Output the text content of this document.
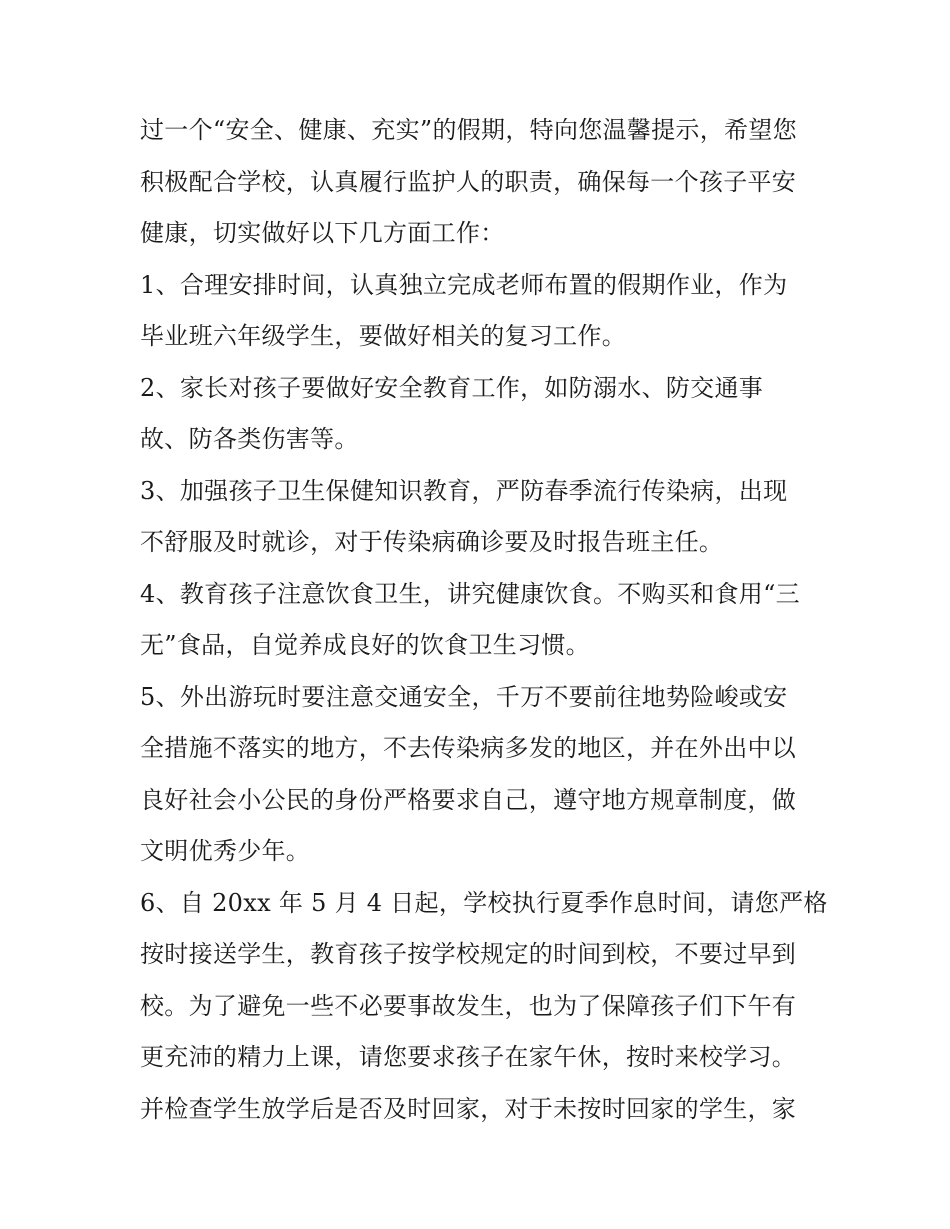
过一个“安全、健康、充实”的假期，特向您温馨提示，希望您
积极配合学校，认真履行监护人的职责，确保每一个孩子平安
健康，切实做好以下几方面工作：
1、合理安排时间，认真独立完成老师布置的假期作业，作为
毕业班六年级学生，要做好相关的复习工作。
2、家长对孩子要做好安全教育工作，如防溺水、防交通事
故、防各类伤害等。
3、加强孩子卫生保健知识教育，严防春季流行传染病，出现
不舒服及时就诊，对于传染病确诊要及时报告班主任。
4、教育孩子注意饮食卫生，讲究健康饮食。不购买和食用“三
无”食品，自觉养成良好的饮食卫生习惯。
5、外出游玩时要注意交通安全，千万不要前往地势险峻或安
全措施不落实的地方，不去传染病多发的地区，并在外出中以
良好社会小公民的身份严格要求自己，遵守地方规章制度，做
文明优秀少年。
6、自 20xx 年 5 月 4 日起，学校执行夏季作息时间，请您严格
按时接送学生，教育孩子按学校规定的时间到校，不要过早到
校。为了避免一些不必要事故发生，也为了保障孩子们下午有
更充沛的精力上课，请您要求孩子在家午休，按时来校学习。
并检查学生放学后是否及时回家，对于未按时回家的学生，家
